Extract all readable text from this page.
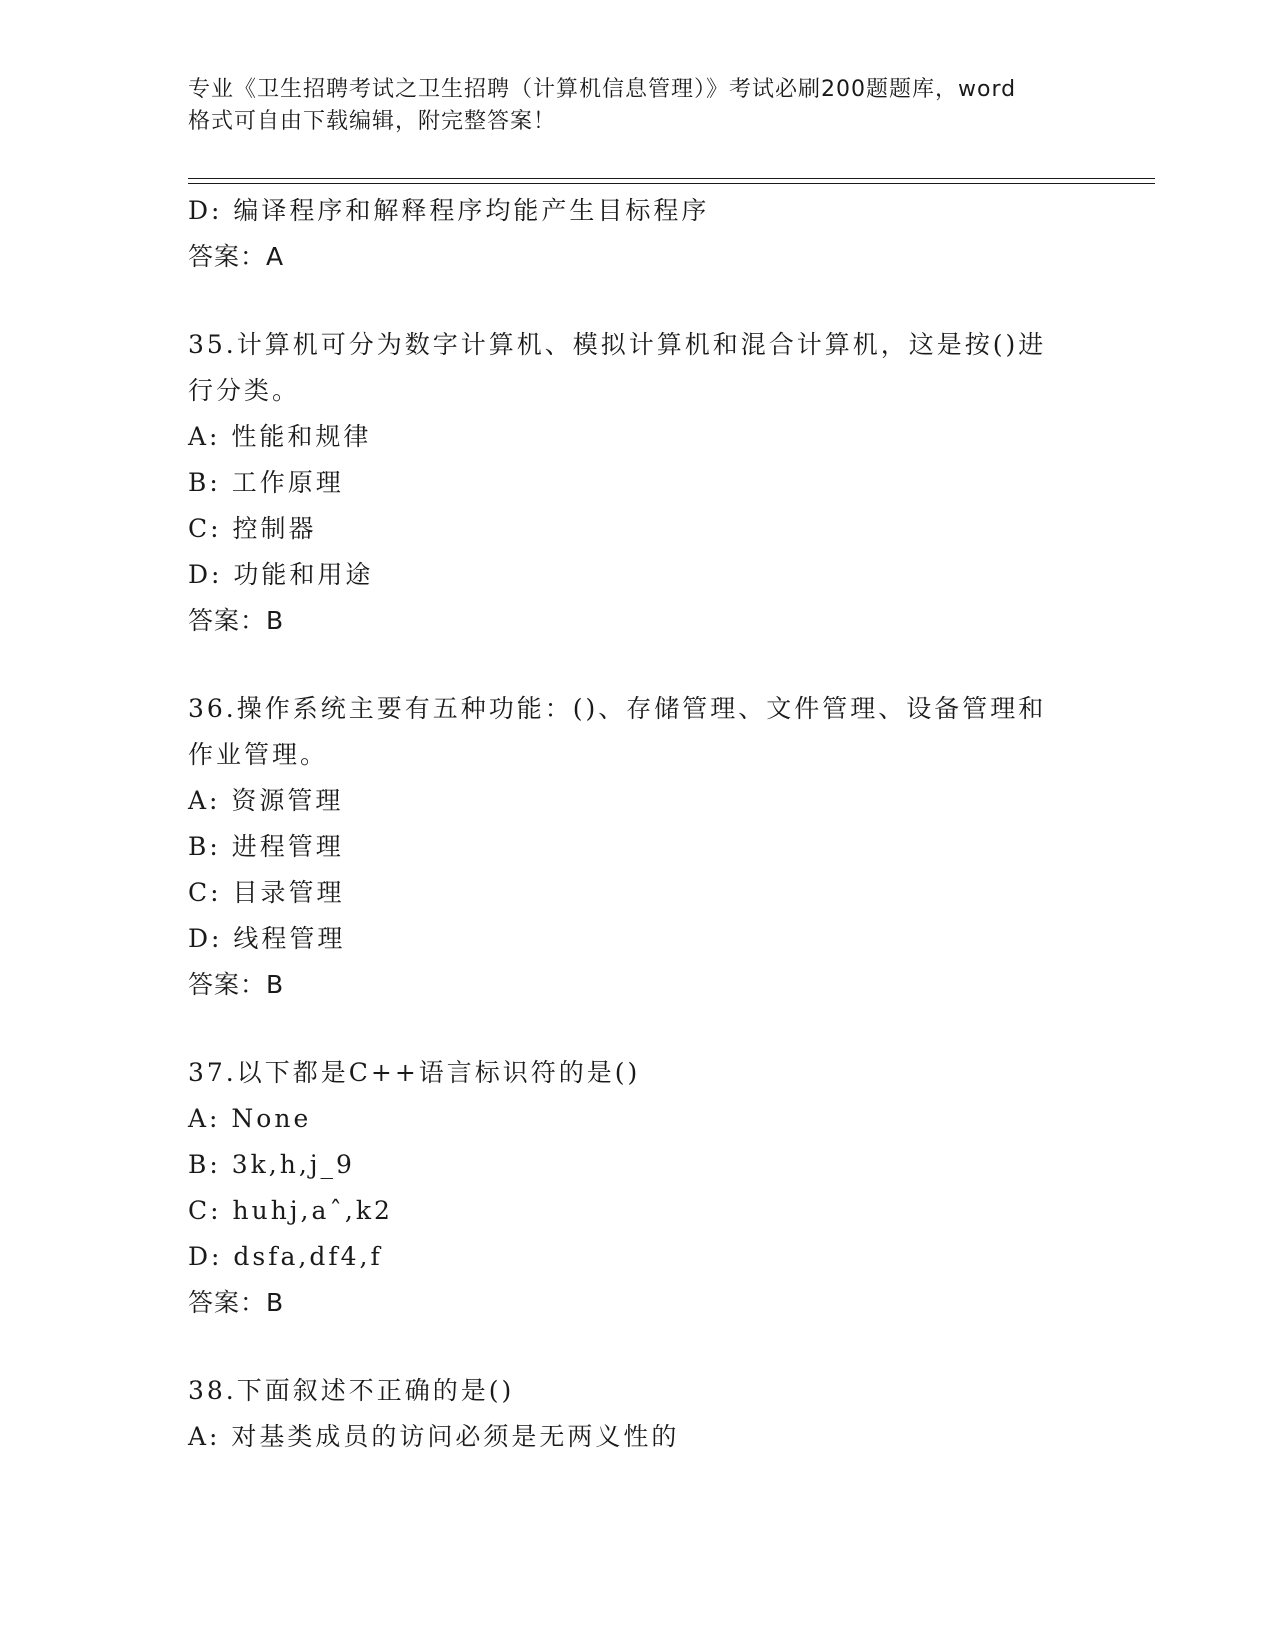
专业《卫生招聘考试之卫生招聘（计算机信息管理）》考试必刷200题题库，word
格式可自由下载编辑，附完整答案！
D: 编译程序和解释程序均能产生目标程序
答案：A
35.计算机可分为数字计算机、模拟计算机和混合计算机，这是按()进
行分类。
A: 性能和规律
B: 工作原理
C: 控制器
D: 功能和用途
答案：B
36.操作系统主要有五种功能：()、存储管理、文件管理、设备管理和
作业管理。
A: 资源管理
B: 进程管理
C: 目录管理
D: 线程管理
答案：B
37.以下都是C++语言标识符的是()
A: None
B: 3k,h,j_9
C: huhj,aˆ,k2
D: dsfa,df4,f
答案：B
38.下面叙述不正确的是()
A: 对基类成员的访问必须是无两义性的
